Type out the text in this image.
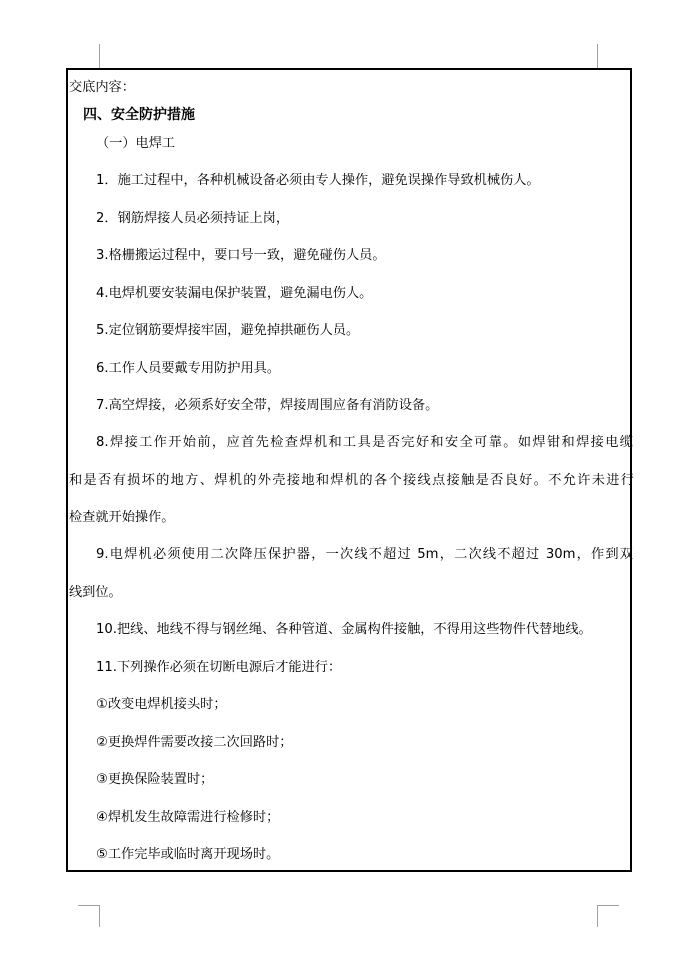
交底内容：

四、安全防护措施

（一）电焊工

1．施工过程中，各种机械设备必须由专人操作，避免误操作导致机械伤人。

2．钢筋焊接人员必须持证上岗，

3.格栅搬运过程中，要口号一致，避免碰伤人员。

4.电焊机要安装漏电保护装置，避免漏电伤人。

5.定位钢筋要焊接牢固，避免掉拱砸伤人员。

6.工作人员要戴专用防护用具。

7.高空焊接，必须系好安全带，焊接周围应备有消防设备。

8.焊接工作开始前，应首先检查焊机和工具是否完好和安全可靠。如焊钳和焊接电缆

和是否有损坏的地方、焊机的外壳接地和焊机的各个接线点接触是否良好。不允许未进行

检查就开始操作。

9.电焊机必须使用二次降压保护器，一次线不超过 5m，二次线不超过 30m，作到双

线到位。

10.把线、地线不得与钢丝绳、各种管道、金属构件接触，不得用这些物件代替地线。

11.下列操作必须在切断电源后才能进行：

①改变电焊机接头时；

②更换焊件需要改接二次回路时；

③更换保险装置时；

④焊机发生故障需进行检修时；

⑤工作完毕或临时离开现场时。
